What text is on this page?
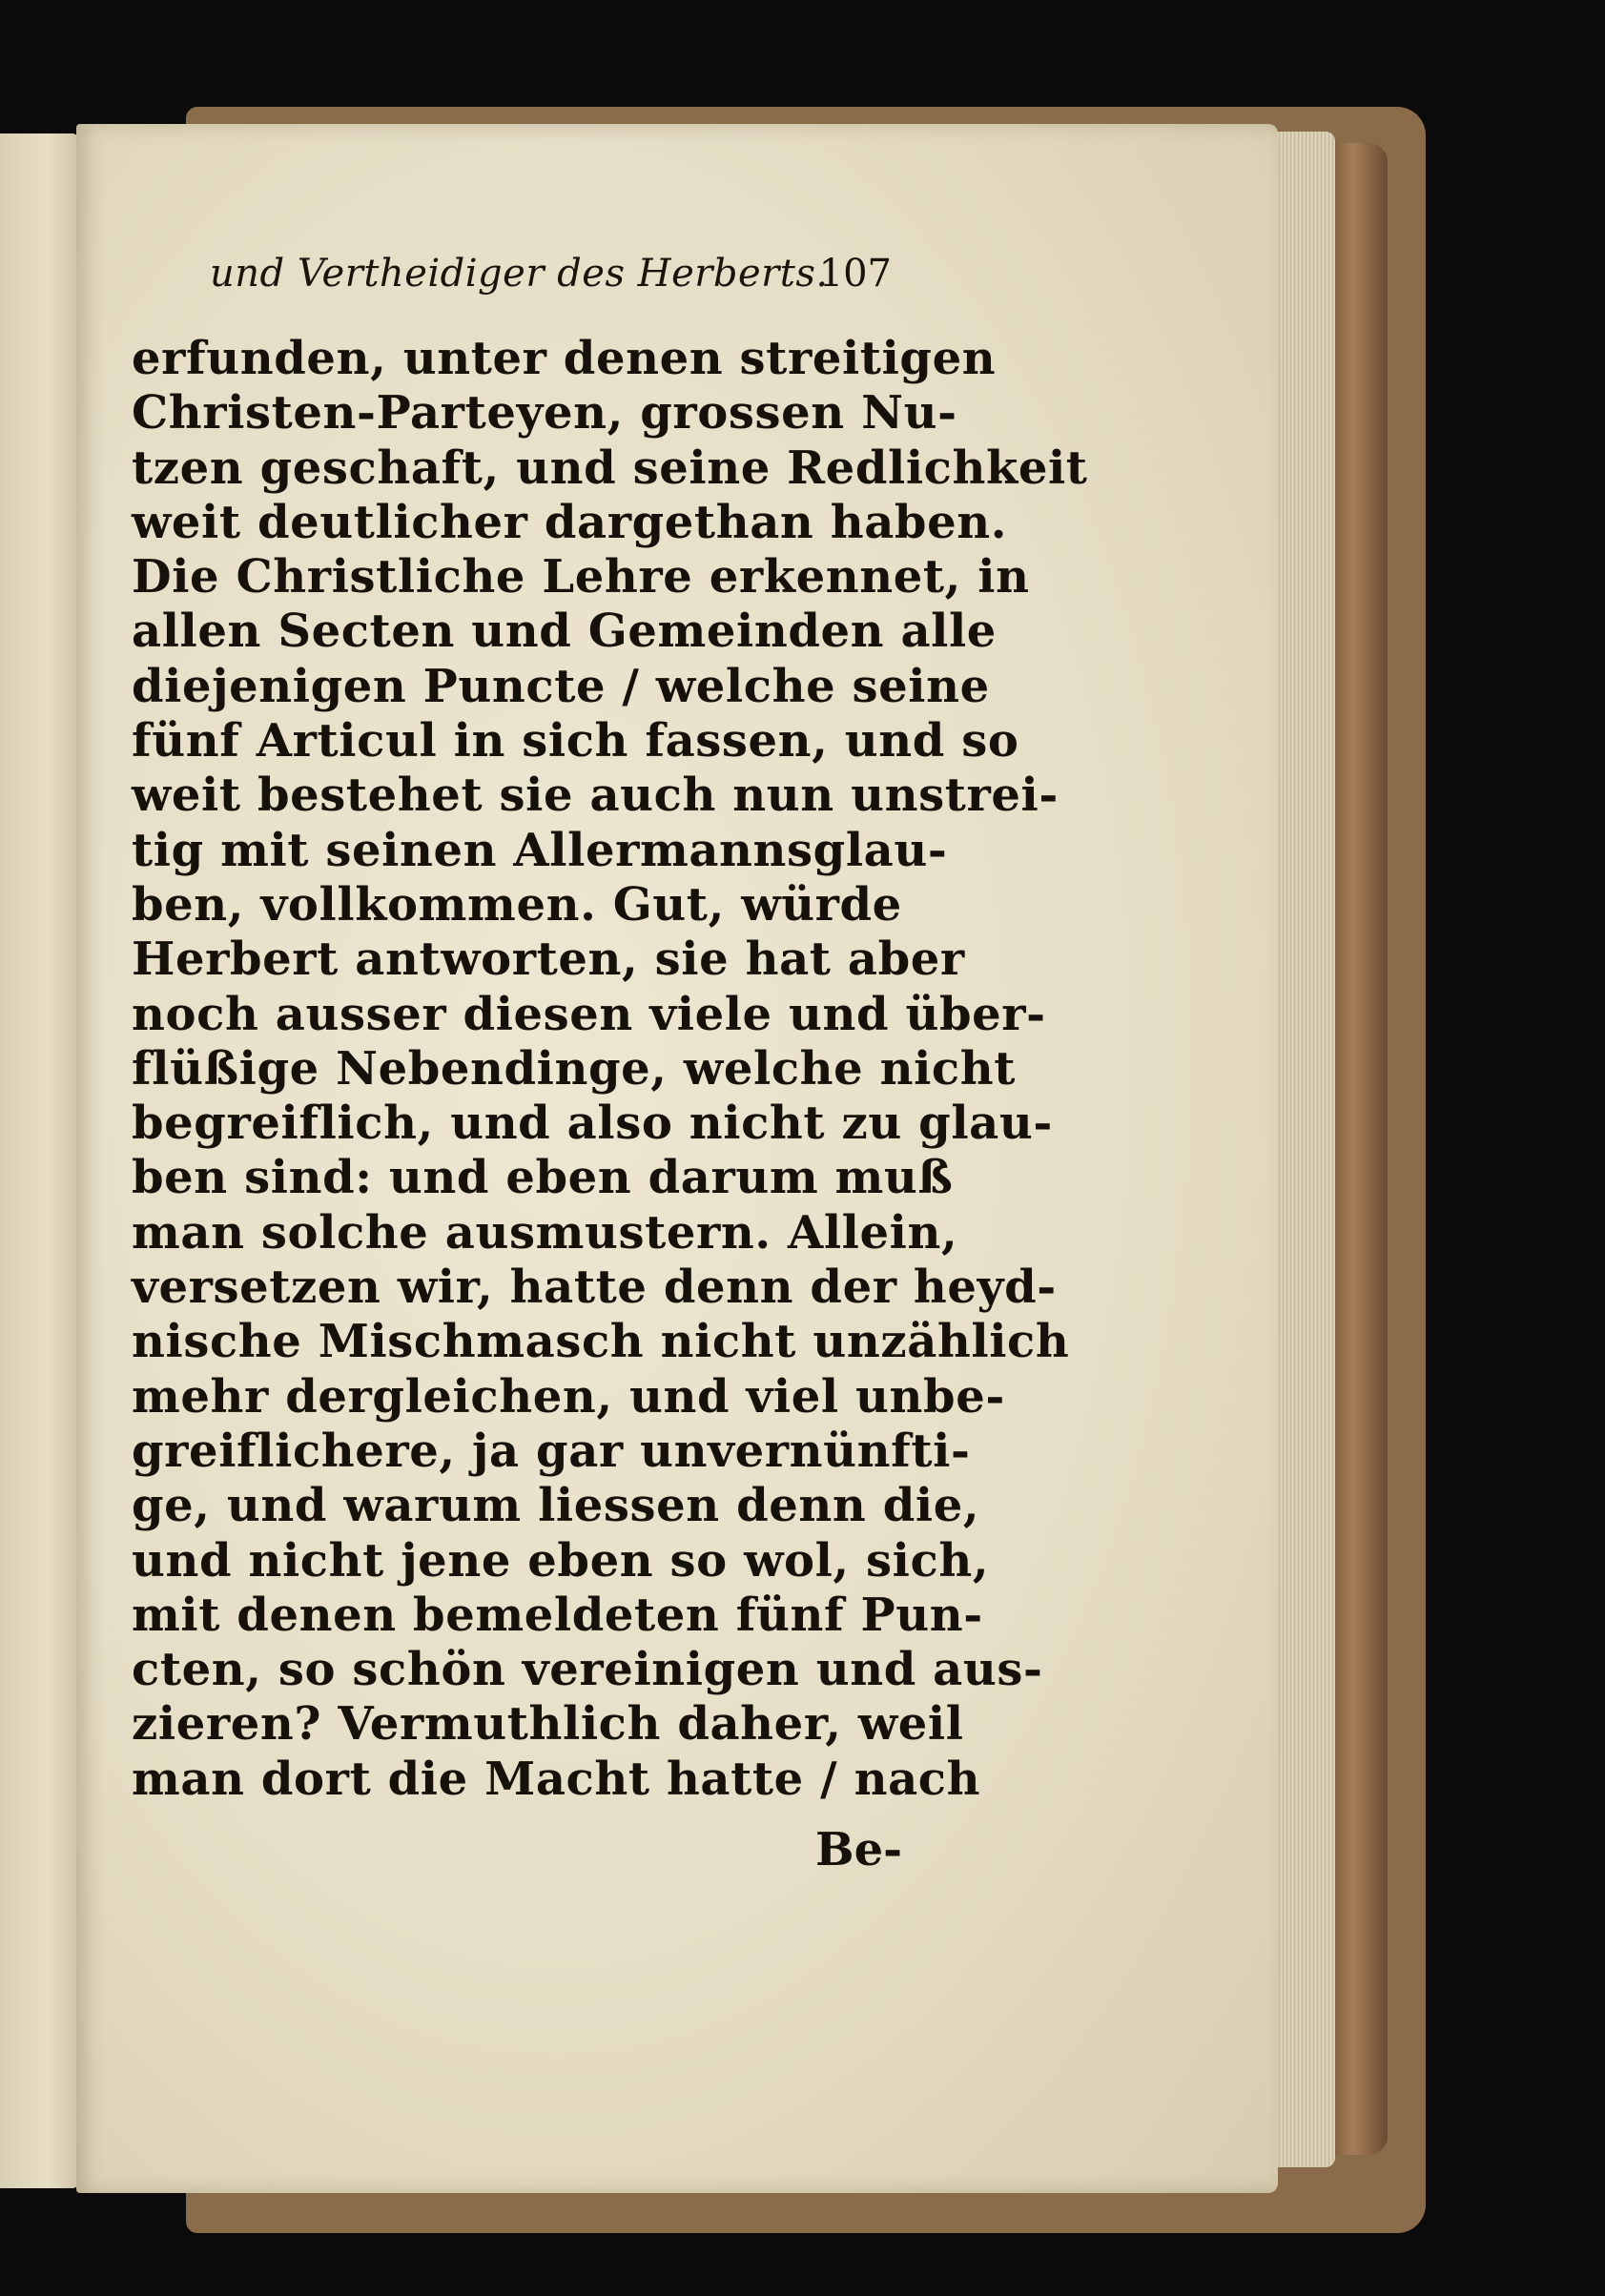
und Vertheidiger des Herberts.
107
erfunden, unter denen streitigen
Christen-Parteyen, grossen Nu-
tzen geschaft, und seine Redlichkeit
weit deutlicher dargethan haben.
Die Christliche Lehre erkennet, in
allen Secten und Gemeinden alle
diejenigen Puncte / welche seine
fünf Articul in sich fassen, und so
weit bestehet sie auch nun unstrei-
tig mit seinen Allermannsglau-
ben, vollkommen. Gut, würde
Herbert antworten, sie hat aber
noch ausser diesen viele und über-
flüßige Nebendinge, welche nicht
begreiflich, und also nicht zu glau-
ben sind: und eben darum muß
man solche ausmustern. Allein,
versetzen wir, hatte denn der heyd-
nische Mischmasch nicht unzählich
mehr dergleichen, und viel unbe-
greiflichere, ja gar unvernünfti-
ge, und warum liessen denn die,
und nicht jene eben so wol, sich,
mit denen bemeldeten fünf Pun-
cten, so schön vereinigen und aus-
zieren? Vermuthlich daher, weil
man dort die Macht hatte / nach
Be-
